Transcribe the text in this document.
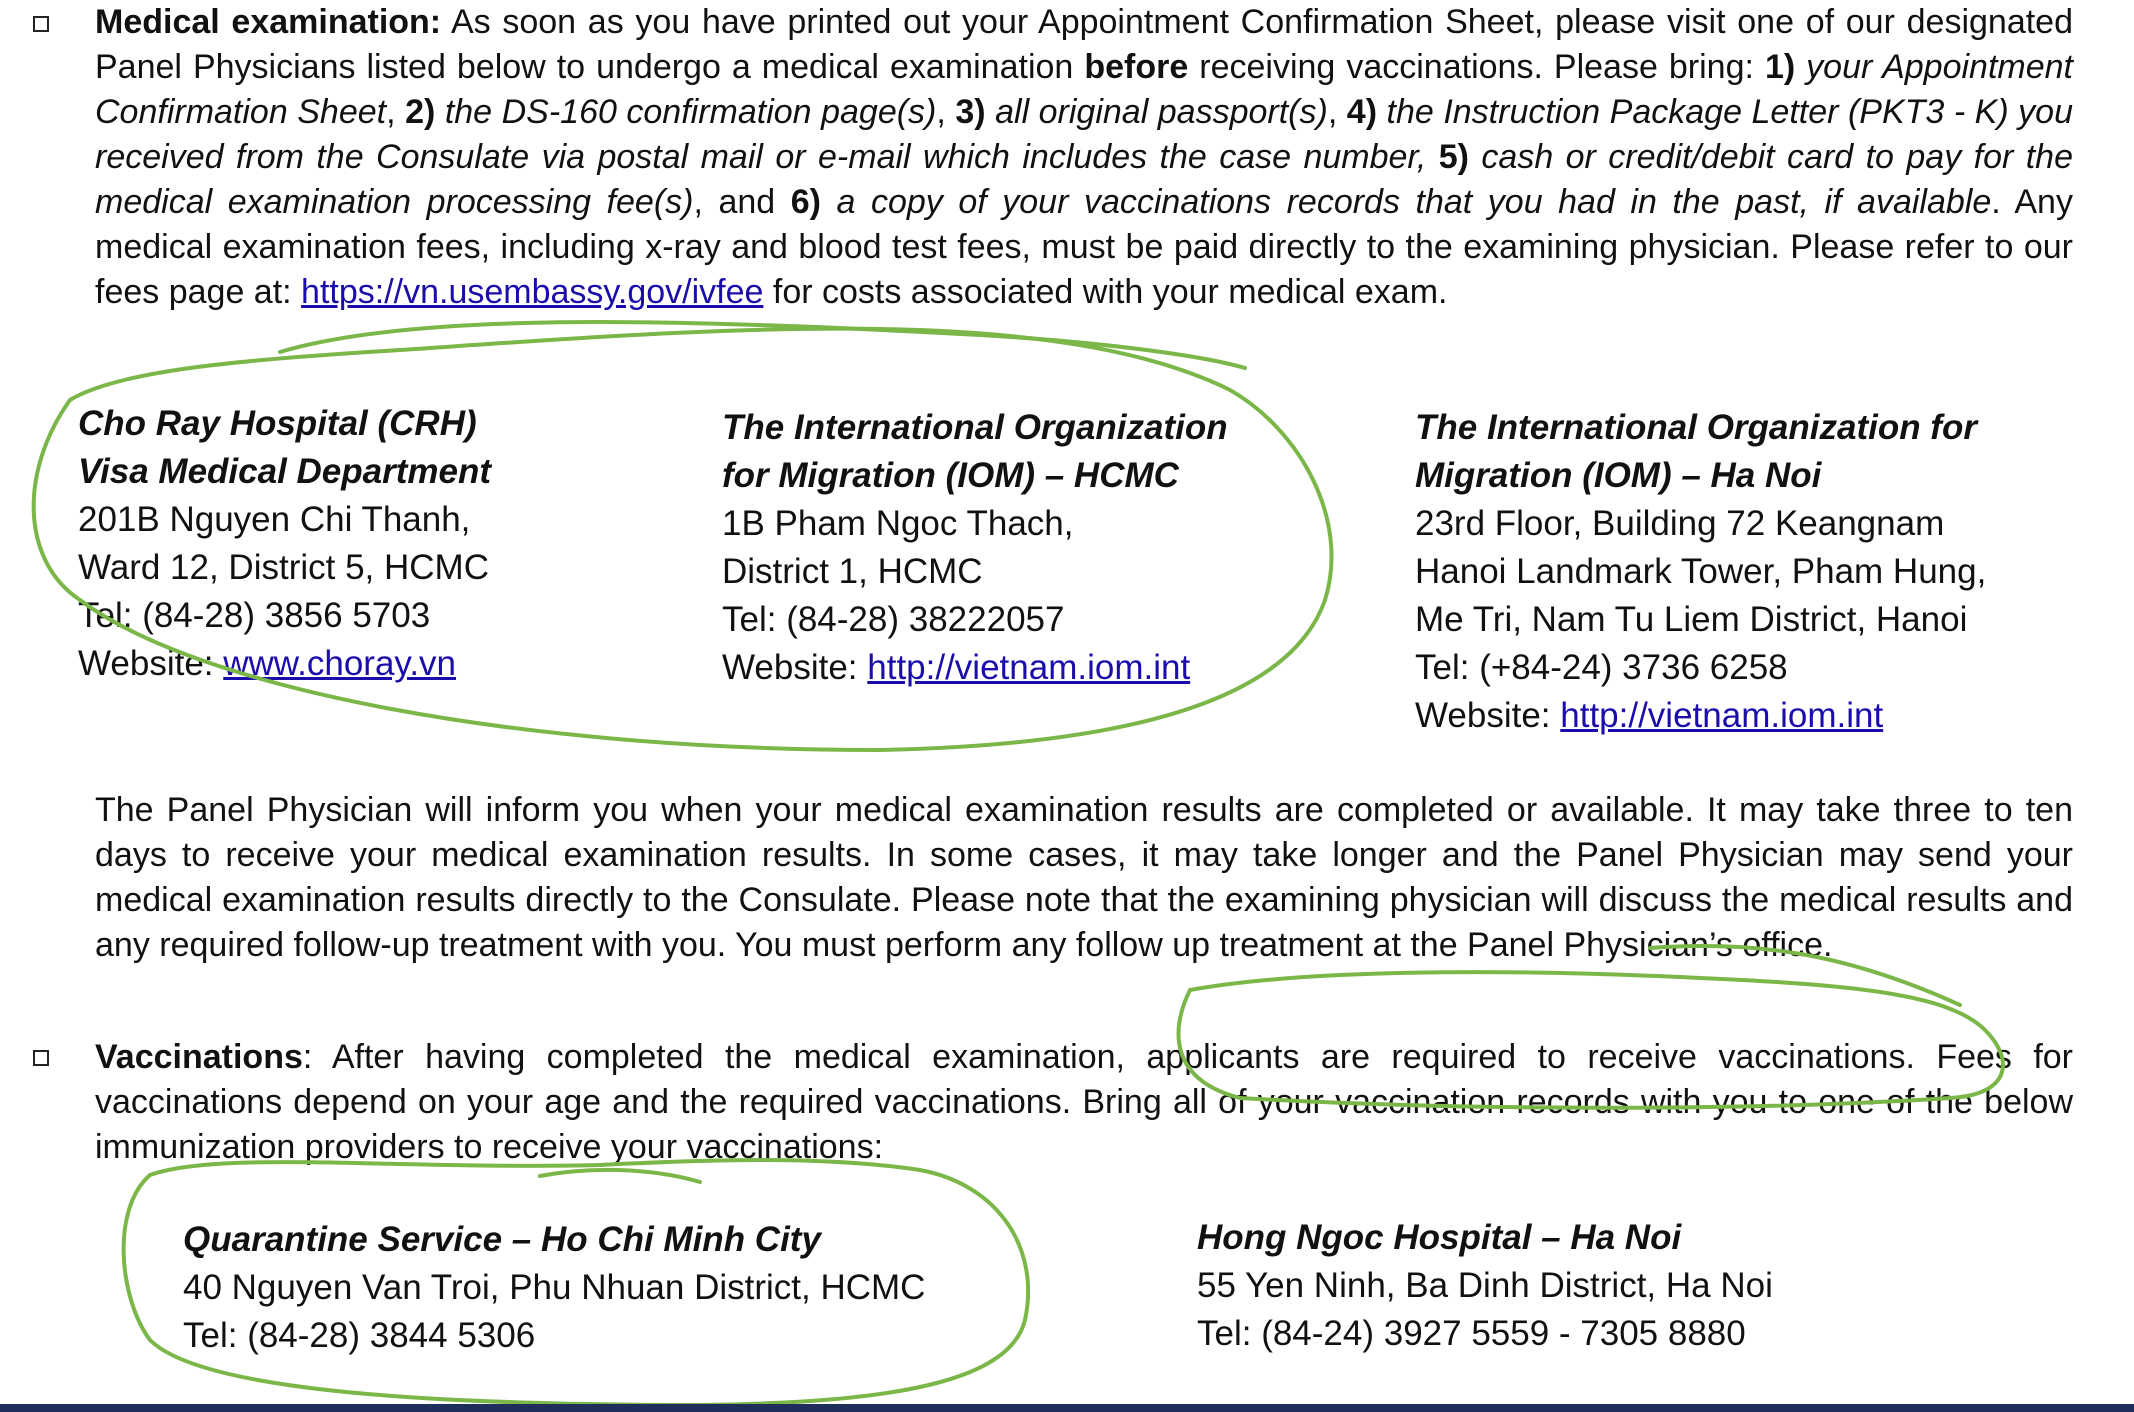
Medical examination: As soon as you have printed out your Appointment Confirmation Sheet, please visit one of our designated Panel Physicians listed below to undergo a medical examination before receiving vaccinations. Please bring: 1) your Appointment Confirmation Sheet, 2) the DS-160 confirmation page(s), 3) all original passport(s), 4) the Instruction Package Letter (PKT3 - K) you received from the Consulate via postal mail or e-mail which includes the case number, 5) cash or credit/debit card to pay for the medical examination processing fee(s), and 6) a copy of your vaccinations records that you had in the past, if available. Any medical examination fees, including x-ray and blood test fees, must be paid directly to the examining physician. Please refer to our fees page at: https://vn.usembassy.gov/ivfee for costs associated with your medical exam.

Cho Ray Hospital (CRH)
Visa Medical Department
201B Nguyen Chi Thanh,
Ward 12, District 5, HCMC
Tel: (84-28) 3856 5703
Website: www.choray.vn
The International Organization
for Migration (IOM) – HCMC
1B Pham Ngoc Thach,
District 1, HCMC
Tel: (84-28) 38222057
Website: http://vietnam.iom.int
The International Organization for
Migration (IOM) – Ha Noi
23rd Floor, Building 72 Keangnam
Hanoi Landmark Tower, Pham Hung,
Me Tri, Nam Tu Liem District, Hanoi
Tel: (+84-24) 3736 6258
Website: http://vietnam.iom.int

The Panel Physician will inform you when your medical examination results are completed or available. It may take three to ten days to receive your medical examination results. In some cases, it may take longer and the Panel Physician may send your medical examination results directly to the Consulate. Please note that the examining physician will discuss the medical results and any required follow-up treatment with you. You must perform any follow up treatment at the Panel Physician’s office.

Vaccinations: After having completed the medical examination, applicants are required to receive vaccinations. Fees for vaccinations depend on your age and the required vaccinations. Bring all of your vaccination records with you to one of the below immunization providers to receive your vaccinations:

Quarantine Service – Ho Chi Minh City
40 Nguyen Van Troi, Phu Nhuan District, HCMC
Tel: (84-28) 3844 5306
Hong Ngoc Hospital – Ha Noi
55 Yen Ninh, Ba Dinh District, Ha Noi
Tel: (84-24) 3927 5559 - 7305 8880
